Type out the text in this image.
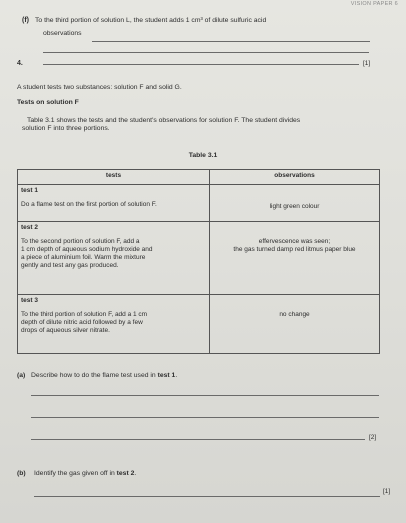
VISION PAPER 6
(f) To the third portion of solution L, the student adds 1 cm³ of dilute sulfuric acid
observations
[1]
4.
A student tests two substances: solution F and solid G.
Tests on solution F
Table 3.1 shows the tests and the student's observations for solution F. The student divides
solution F into three portions.
Table 3.1
tests	observations

test 1
Do a flame test on the first portion of solution F.	light green colour

test 2
To the second portion of solution F, add a
1 cm depth of aqueous sodium hydroxide and
a piece of aluminium foil. Warm the mixture
gently and test any gas produced.	effervescence was seen;
the gas turned damp red litmus paper blue

test 3
To the third portion of solution F, add a 1 cm
depth of dilute nitric acid followed by a few
drops of aqueous silver nitrate.	no change
(a) Describe how to do the flame test used in test 1.
[2]
(b) Identify the gas given off in test 2.
[1]
